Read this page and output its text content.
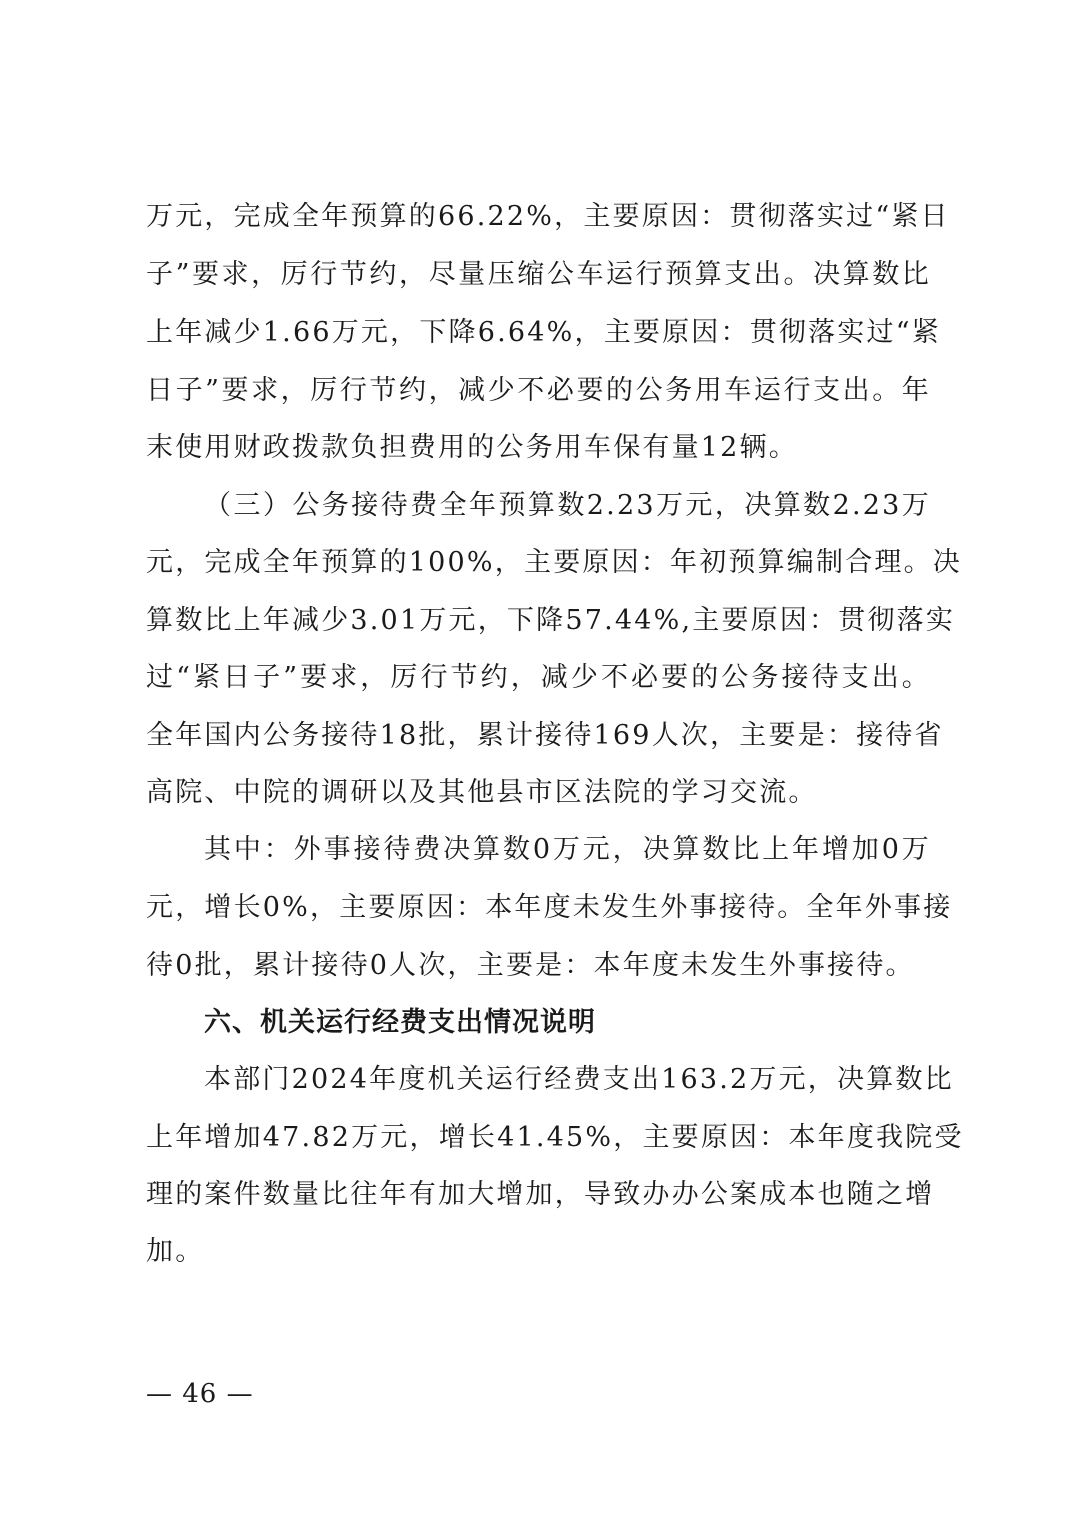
万元，完成全年预算的66.22%，主要原因：贯彻落实过“紧日
子”要求，厉行节约，尽量压缩公车运行预算支出。决算数比
上年减少1.66万元，下降6.64%，主要原因：贯彻落实过“紧
日子”要求，厉行节约，减少不必要的公务用车运行支出。年
末使用财政拨款负担费用的公务用车保有量12辆。
（三）公务接待费全年预算数2.23万元，决算数2.23万
元，完成全年预算的100%，主要原因：年初预算编制合理。决
算数比上年减少3.01万元，下降57.44%,主要原因：贯彻落实
过“紧日子”要求，厉行节约，减少不必要的公务接待支出。
全年国内公务接待18批，累计接待169人次，主要是：接待省
高院、中院的调研以及其他县市区法院的学习交流。
其中：外事接待费决算数0万元，决算数比上年增加0万
元，增长0%，主要原因：本年度未发生外事接待。全年外事接
待0批，累计接待0人次，主要是：本年度未发生外事接待。
六、机关运行经费支出情况说明
本部门2024年度机关运行经费支出163.2万元，决算数比
上年增加47.82万元，增长41.45%，主要原因：本年度我院受
理的案件数量比往年有加大增加，导致办办公案成本也随之增
加。
— 46 —
